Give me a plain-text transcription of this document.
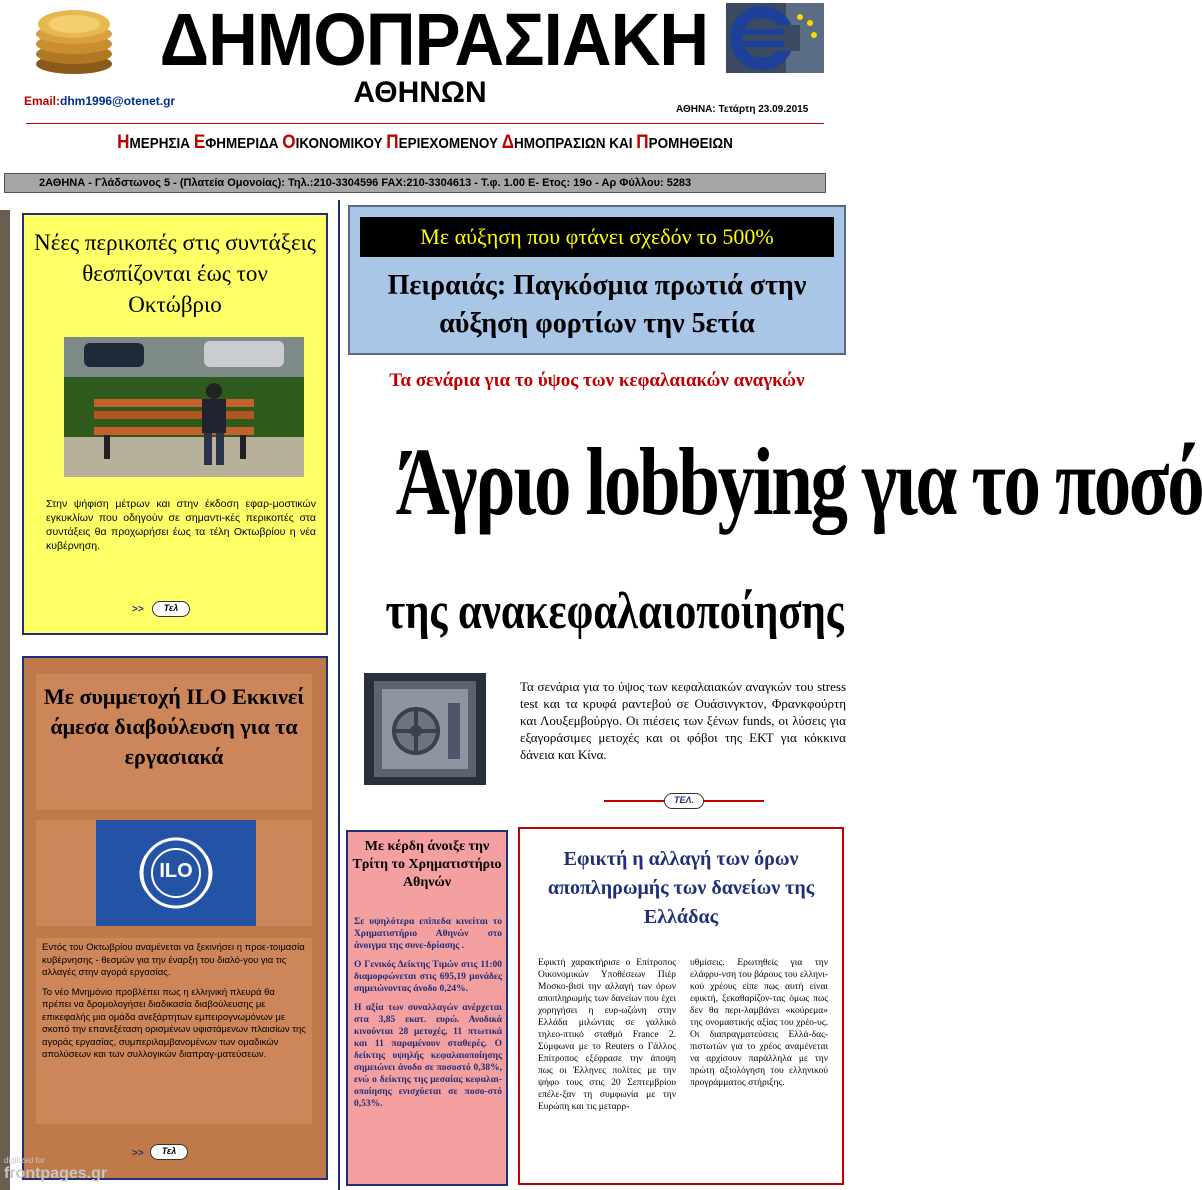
ΔΗΜΟΠΡΑΣΙΑΚΗ
ΑΘΗΝΩΝ
Email:dhm1996@otenet.gr
ΑΘΗΝΑ: Τετάρτη 23.09.2015
ΗΜΕΡΗΣΙΑ ΕΦΗΜΕΡΙΔΑ ΟΙΚΟΝΟΜΙΚΟΥ ΠΕΡΙΕΧΟΜΕΝΟΥ ΔΗΜΟΠΡΑΣΙΩΝ ΚΑΙ ΠΡΟΜΗΘΕΙΩΝ
2ΑΘΗΝΑ - Γλάδστωνος 5 - (Πλατεία Ομονοίας): Τηλ.:210-3304596 FAX:210-3304613 - Τ.φ. 1.00 Ε- Ετος: 19ο - Αρ Φύλλου: 5283
Νέες περικοπές στις συντάξεις θεσπίζονται έως τον Οκτώβριο
Στην ψήφιση μέτρων και στην έκδοση εφαρ-μοστικών εγκυκλίων που οδηγούν σε σημαντι-κές περικοπές στα συντάξεις θα προχωρήσει έως τα τέλη Οκτωβρίου η νέα κυβέρνηση.
>>	Τελ
Με συμμετοχή ILO Εκκινεί άμεσα διαβούλευση για τα εργασιακά
ILO

Εντός του Οκτωβρίου αναμένεται να ξεκινήσει η προε-τοιμασία κυβέρνησης - θεσμών για την έναρξη του διαλό-γου για τις αλλαγές στην αγορά εργασίας.

Το νέο Μνημόνιο προβλέπει πως η ελληνική πλευρά θα πρέπει να δρομολογήσει διαδικασία διαβούλευσης με επικεφαλής μια ομάδα ανεξάρτητων εμπειρογνωμόνων με σκοπό την επανεξέταση ορισμένων υφιστάμενων πλαισίων της αγοράς εργασίας, συμπεριλαμβανομένων των ομαδικών απολύσεων και των συλλογικών διαπραγ-ματεύσεων.

>>	Τελ
Με αύξηση που φτάνει σχεδόν το 500%
Πειραιάς: Παγκόσμια πρωτιά στην αύξηση φορτίων την 5ετία
Τα σενάρια για το ύψος των κεφαλαιακών αναγκών
Άγριο lobbying για το ποσό
της ανακεφαλαιοποίησης
Τα σενάρια για το ύψος των κεφαλαιακών αναγκών του stress test και τα κρυφά ραντεβού σε Ουάσινγκτον, Φρανκφούρτη και Λουξεμβούργο. Οι πιέσεις των ξένων funds, οι λύσεις για εξαγοράσιμες μετοχές και οι φόβοι της ΕΚΤ για κόκκινα δάνεια και Κίνα.
ΤΕΛ.
Με κέρδη άνοιξε την Τρίτη το Χρηματιστήριο Αθηνών

Σε υψηλότερα επίπεδα κινείται το Χρηματιστήριο Αθηνών στο άνοιγμα της συνε-δρίασης .

Ο Γενικός Δείκτης Τιμών στις 11:00 διαμορφώνεται στις 695,19 μονάδες σημειώνοντας άνοδο 0,24%.

Η αξία των συναλλαγών ανέρχεται στα 3,85 εκατ. ευρώ. Ανοδικά κινούνται 28 μετοχές, 11 πτωτικά και 11 παραμένουν σταθερές. Ο δείκτης υψηλής κεφαλαιοποίησης σημειώνει άνοδο σε ποσοστό 0,38%, ενώ ο δείκτης της μεσαίας κεφαλαι-οποίησης ενισχύεται σε ποσο-στό 0,53%.

Εφικτή η αλλαγή των όρων αποπληρωμής των δανείων της Ελλάδας
Εφικτή χαρακτήρισε ο Επίτροπος Οικονομικών Υποθέσεων Πιέρ Μοσκο-βισί την αλλαγή των όρων αποπληρωμής των δανείων που έχει χορηγήσει η ευρ-ωζώνη στην Ελλάδα μιλώντας σε γαλλικό τηλεο-πτικό σταθμό France 2. Σύμφωνα με το Reuters ο Γάλλος Επίτροπος εξέφρασε την άποψη πως οι Έλληνες πολίτες με την ψήφο τους στις 20 Σεπτεμβρίου επέλε-ξαν τη συμφωνία με την Ευρώπη και τις μεταρρ-
υθμίσεις. Ερωτηθείς για την ελάφρυ-νση του βάρους του ελληνι-κού χρέους είπε πως αυτή είναι εφικτή, ξεκαθαρίζον-τας όμως πως δεν θα περι-λαμβάνει «κούρεμα» της ονομαστικής αξίας του χρέο-υς. Οι διαπραγματεύσεις Ελλά-δας- πιστωτών για το χρέος αναμένεται να αρχίσουν παράλληλα με την πρώτη αξιολόγηση του ελληνικού προγράμματος στήριξης.
digitized for
frontpages.gr
